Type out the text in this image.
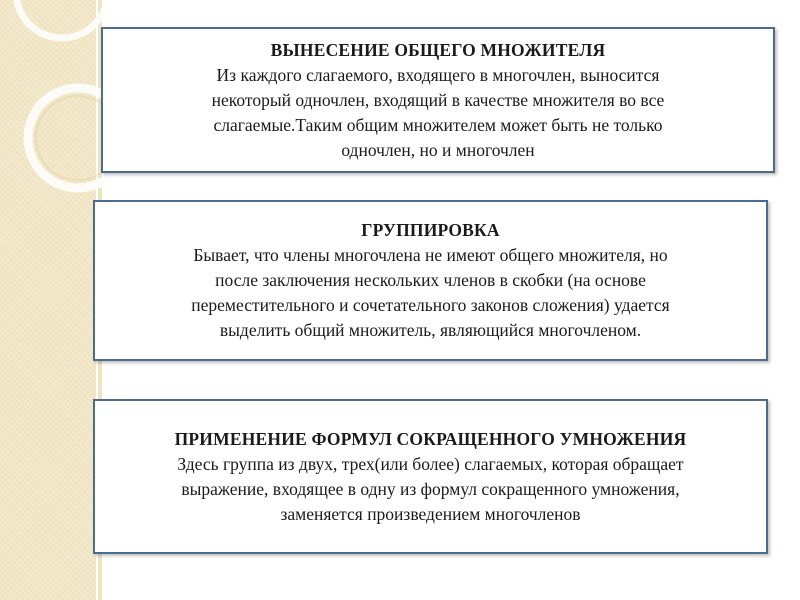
ВЫНЕСЕНИЕ ОБЩЕГО МНОЖИТЕЛЯ
Из каждого слагаемого, входящего в многочлен, выносится
некоторый одночлен, входящий в качестве множителя во все
слагаемые.Таким общим множителем может быть не только
одночлен, но и многочлен
ГРУППИРОВКА
Бывает, что члены многочлена не имеют общего множителя, но
после заключения нескольких членов в скобки (на основе
переместительного и сочетательного законов сложения) удается
выделить общий множитель, являющийся многочленом.
ПРИМЕНЕНИЕ ФОРМУЛ СОКРАЩЕННОГО УМНОЖЕНИЯ
Здесь группа из двух, трех(или более) слагаемых, которая обращает
выражение, входящее в одну из формул сокращенного умножения,
заменяется произведением многочленов
